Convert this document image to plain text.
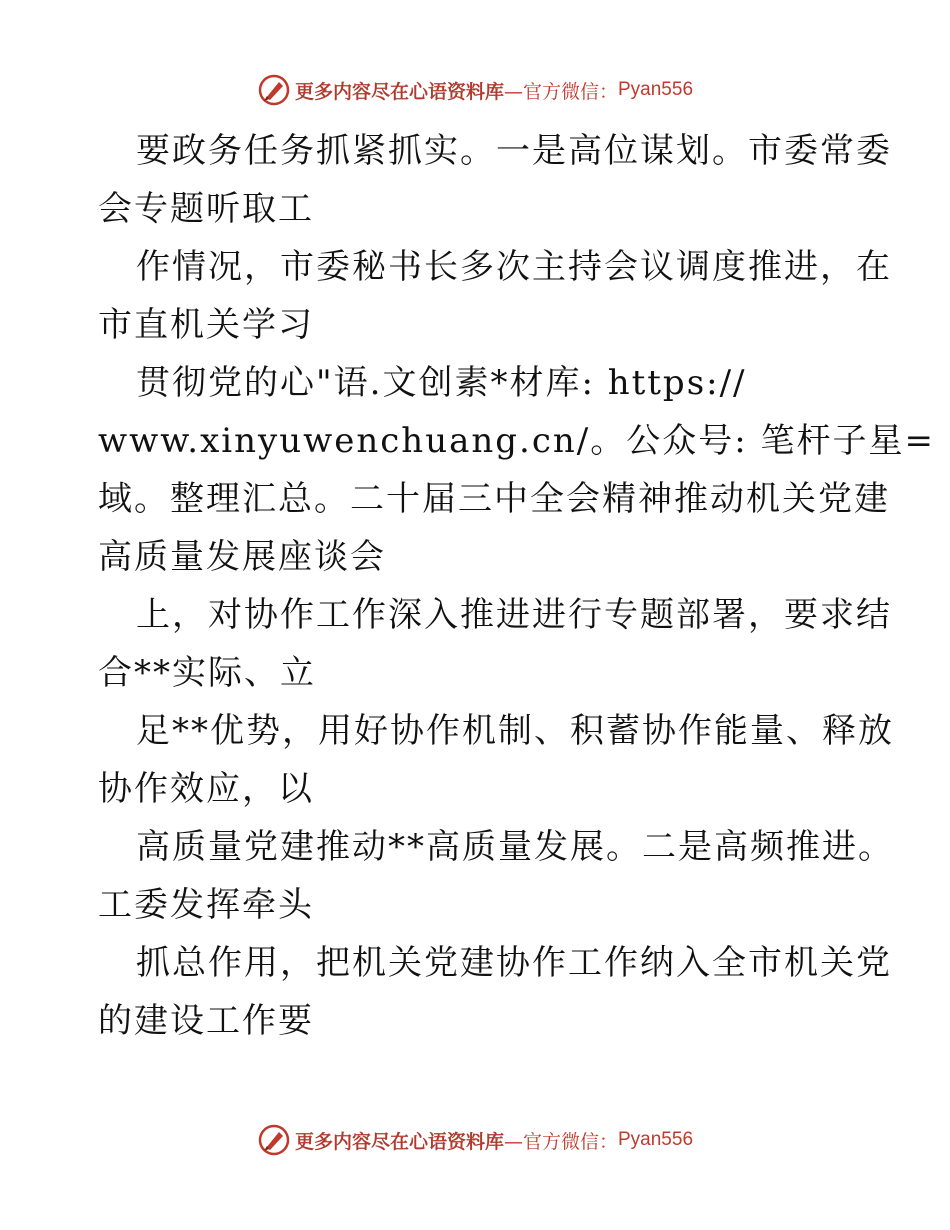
更多内容尽在心语资料库 —官方微信： Pyan556
要政务任务抓紧抓实。一是高位谋划。市委常委
会专题听取工
作情况，市委秘书长多次主持会议调度推进，在
市直机关学习
贯彻党的心"语.文创素*材库: https://
www.xinyuwenchuang.cn/。公众号: 笔杆子星=
域。整理汇总。二十届三中全会精神推动机关党建
高质量发展座谈会
上，对协作工作深入推进进行专题部署，要求结
合**实际、立
足**优势，用好协作机制、积蓄协作能量、释放
协作效应，以
高质量党建推动**高质量发展。二是高频推进。
工委发挥牵头
抓总作用，把机关党建协作工作纳入全市机关党
的建设工作要
更多内容尽在心语资料库 —官方微信： Pyan556
